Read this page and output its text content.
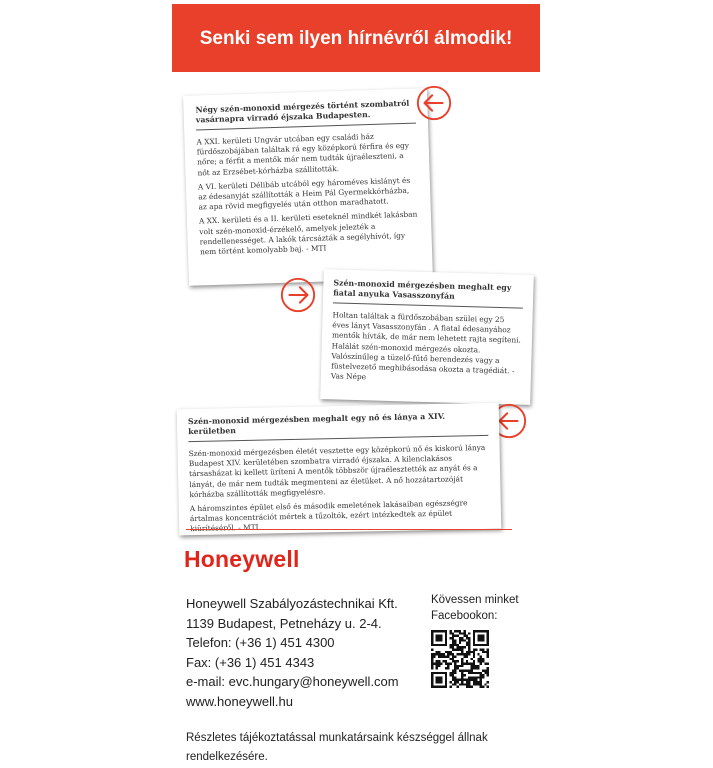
Senki sem ilyen hírnévről álmodik!
Négy szén-monoxid mérgezés történt szombatról vasárnapra virradó éjszaka Budapesten.

A XXI. kerületi Ungvár utcában egy családi ház fürdőszobájában találtak rá egy középkorú férfira és egy nőre; a férfit a mentők már nem tudták újraéleszteni, a nőt az Erzsébet-kórházba szállították.

A VI. kerületi Délibáb utcából egy hároméves kislányt és az édesanyját szállították a Heim Pál Gyermekkórházba, az apa rövid megfigyelés után otthon maradhatott.

A XX. kerületi és a II. kerületi eseteknél mindkét lakásban volt szén-monoxid-érzékelő, amelyek jelezték a rendellenességet. A lakók tárcsázták a segélyhívót, így nem történt komolyabb baj. - MTI

Szén-monoxid mérgezésben meghalt egy fiatal anyuka Vasasszonyfán

Holtan találtak a fürdőszobában szülei egy 25 éves lányt Vasasszonyfán . A fiatal édesanyához mentők hívták, de már nem lehetett rajta segíteni. Halálát szén-monoxid mérgezés okozta. Valószínűleg a tüzelő-fűtő berendezés vagy a füstelvezető meghibásodása okozta a tragédiát. - Vas Népe

Szén-monoxid mérgezésben meghalt egy nő és lánya a XIV. kerületben

Szén-monoxid mérgezésben életét vesztette egy középkorú nő és kiskorú lánya Budapest XIV. kerületében szombatra virradó éjszaka. A kilenclakásos társasházat ki kellett üríteni A mentők többször újraélesztették az anyát és a lányát, de már nem tudták megmenteni az életüket. A nő hozzátartozóját kórházba szállították megfigyelésre.

A háromszintes épület első és második emeletének lakásaiban egészségre ártalmas koncentrációt mértek a tűzoltók, ezért intézkedtek az épület MTI

Honeywell
Honeywell Szabályozástechnikai Kft.
1139 Budapest, Petneházy u. 2-4.
Telefon: (+36 1) 451 4300
Fax: (+36 1) 451 4343
e-mail: evc.hungary@honeywell.com
www.honeywell.hu
Kövessen minket
Facebookon:
Részletes tájékoztatással munkatársaink készséggel állnak rendelkezésére.
